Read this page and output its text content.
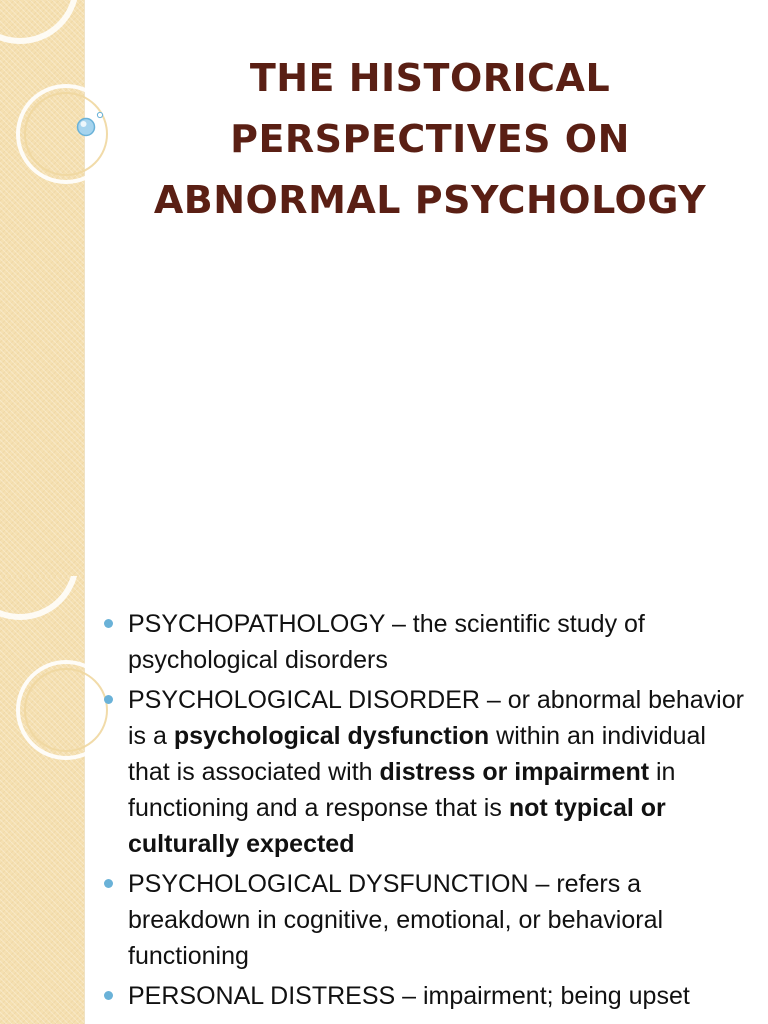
THE HISTORICAL PERSPECTIVES ON ABNORMAL PSYCHOLOGY
PSYCHOPATHOLOGY – the scientific study of psychological disorders
PSYCHOLOGICAL DISORDER – or abnormal behavior is a psychological dysfunction within an individual that is associated with distress or impairment in functioning and a response that is not typical or culturally expected
PSYCHOLOGICAL DYSFUNCTION – refers a breakdown in cognitive, emotional, or behavioral functioning
PERSONAL DISTRESS – impairment; being upset
